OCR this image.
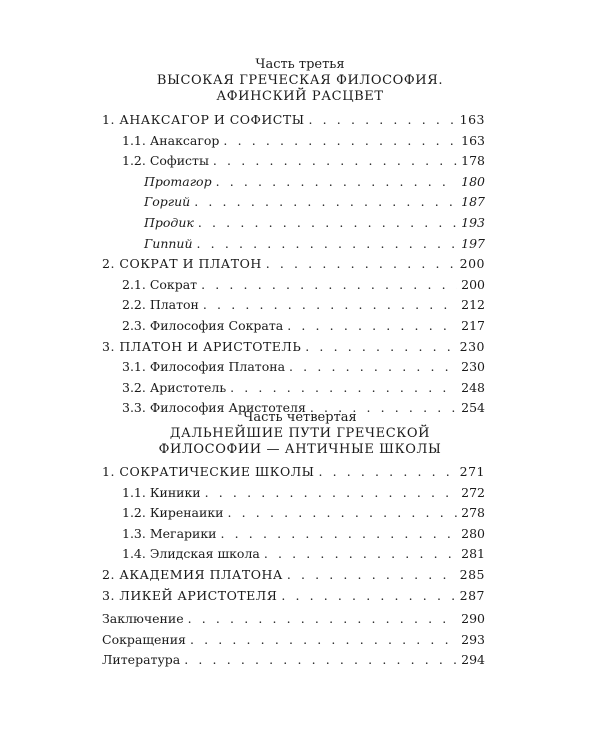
Часть третья
ВЫСОКАЯ ГРЕЧЕСКАЯ ФИЛОСОФИЯ.
АФИНСКИЙ РАСЦВЕТ
1. АНАКСАГОР И СОФИСТЫ . . .	163
1.1. Анаксагор . . .	163
1.2. Софисты . . .	178
Протагор . . .	180
Горгий . . .	187
Продик . . .	193
Гиппий . . .	197
2. СОКРАТ И ПЛАТОН . . .	200
2.1. Сократ . . .	200
2.2. Платон . . .	212
2.3. Философия Сократа . . .	217
3. ПЛАТОН И АРИСТОТЕЛЬ . . .	230
3.1. Философия Платона . . .	230
3.2. Аристотель . . .	248
3.3. Философия Аристотеля . . .	254
Часть четвертая
ДАЛЬНЕЙШИЕ ПУТИ ГРЕЧЕСКОЙ
ФИЛОСОФИИ — АНТИЧНЫЕ ШКОЛЫ
1. СОКРАТИЧЕСКИЕ ШКОЛЫ . . .	271
1.1. Киники . . .	272
1.2. Киренаики . . .	278
1.3. Мегарики . . .	280
1.4. Элидская школа . . .	281
2. АКАДЕМИЯ ПЛАТОНА . . .	285
3. ЛИКЕЙ АРИСТОТЕЛЯ . . .	287
Заключение . . .	290
Сокращения . . .	293
Литература . . .	294
